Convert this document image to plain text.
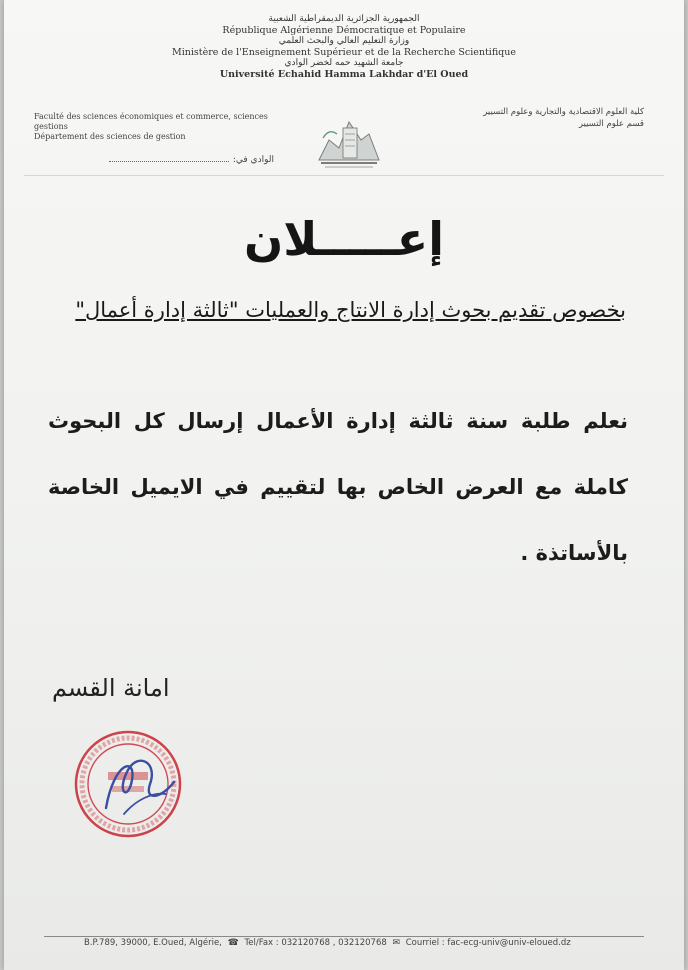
الجمهورية الجزائرية الديمقراطية الشعبية
République Algérienne Démocratique et Populaire
وزارة التعليم العالي والبحث العلمي
Ministère de l'Enseignement Supérieur et de la Recherche Scientifique
جامعة الشهيد حمه لخضر الوادي
Université Echahid Hamma Lakhdar d'El Oued
Faculté des sciences économiques et commerce, sciences gestions
Département des sciences de gestion
كلية العلوم الاقتصادية والتجارية وعلوم التسيير
قسم علوم التسيير
الوادي في:
إعـــــلان
بخصوص تقديم بحوث إدارة الانتاج والعمليات "ثالثة إدارة أعمال"
نعلم طلبة سنة ثالثة إدارة الأعمال إرسال كل البحوث كاملة مع العرض الخاص بها لتقييم في الايميل الخاصة بالأساتذة .
امانة القسم
B.P.789, 39000, E.Oued, Algérie, ☎ Tel/Fax : 032120768 , 032120768 ✉ Courriel : fac-ecg-univ@univ-eloued.dz
